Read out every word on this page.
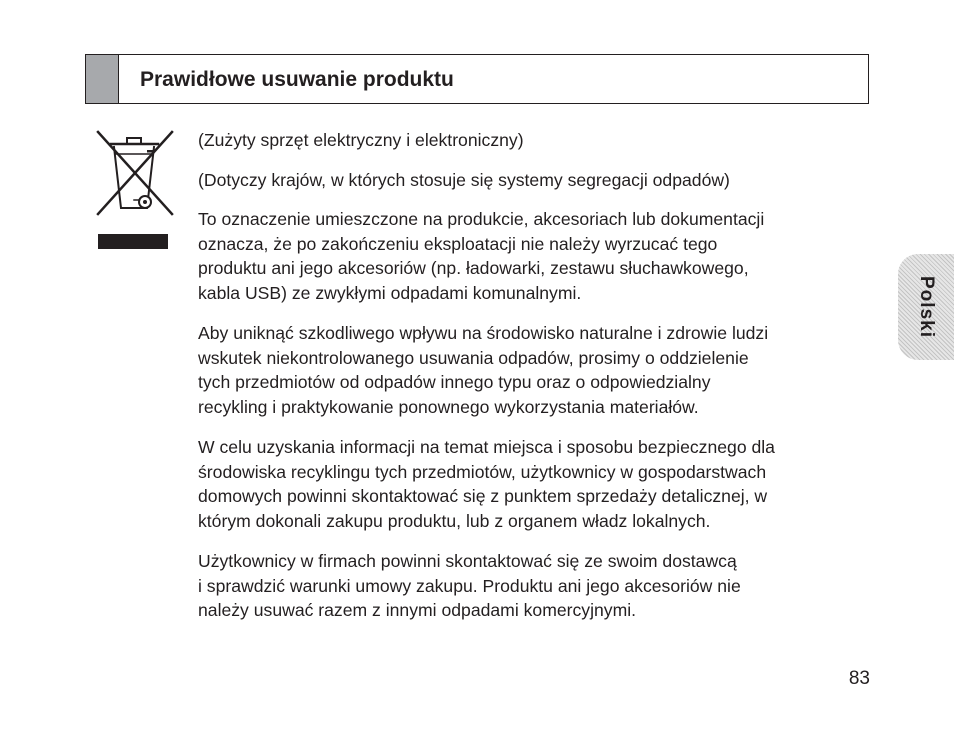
Prawidłowe usuwanie produktu

(Zużyty sprzęt elektryczny i elektroniczny)

(Dotyczy krajów, w których stosuje się systemy segregacji odpadów)

To oznaczenie umieszczone na produkcie, akcesoriach lub dokumentacji
oznacza, że po zakończeniu eksploatacji nie należy wyrzucać tego
produktu ani jego akcesoriów (np. ładowarki, zestawu słuchawkowego,
kabla USB) ze zwykłymi odpadami komunalnymi.

Aby uniknąć szkodliwego wpływu na środowisko naturalne i zdrowie ludzi
wskutek niekontrolowanego usuwania odpadów, prosimy o oddzielenie
tych przedmiotów od odpadów innego typu oraz o odpowiedzialny
recykling i praktykowanie ponownego wykorzystania materiałów.

W celu uzyskania informacji na temat miejsca i sposobu bezpiecznego dla
środowiska recyklingu tych przedmiotów, użytkownicy w gospodarstwach
domowych powinni skontaktować się z punktem sprzedaży detalicznej, w
którym dokonali zakupu produktu, lub z organem władz lokalnych.

Użytkownicy w firmach powinni skontaktować się ze swoim dostawcą
i sprawdzić warunki umowy zakupu. Produktu ani jego akcesoriów nie
należy usuwać razem z innymi odpadami komercyjnymi.

Polski
83
